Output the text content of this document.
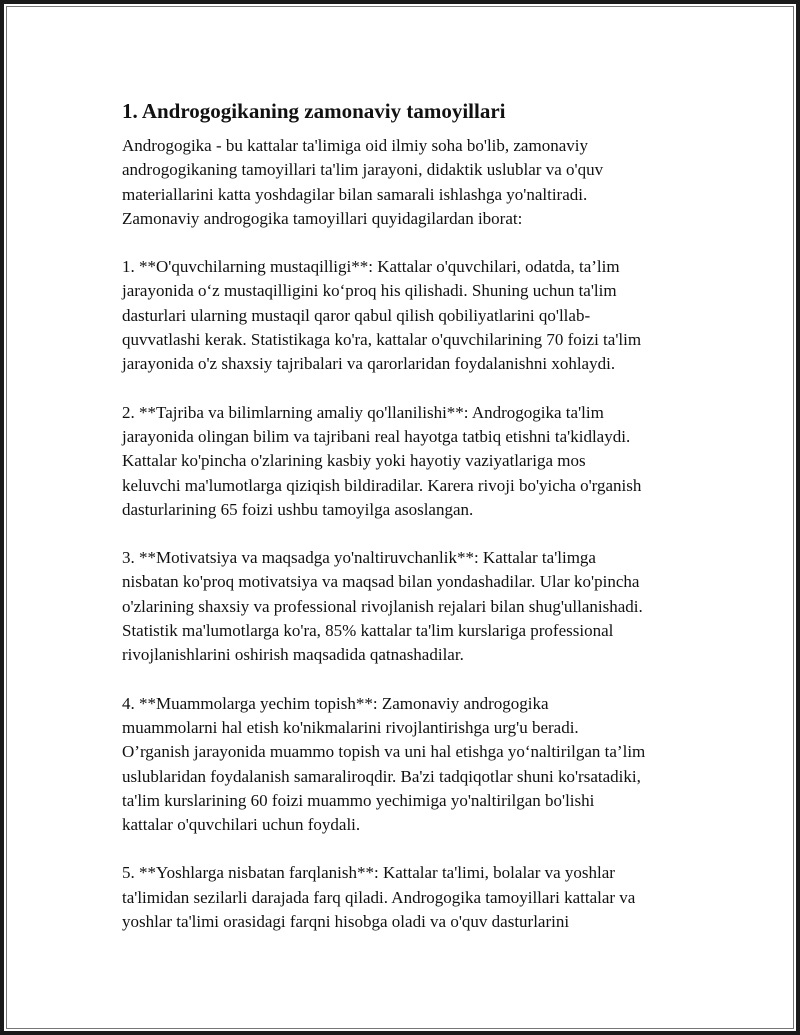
1. Androgogikaning zamonaviy tamoyillari

Androgogika - bu kattalar ta'limiga oid ilmiy soha bo'lib, zamonaviy
androgogikaning tamoyillari ta'lim jarayoni, didaktik uslublar va o'quv
materiallarini katta yoshdagilar bilan samarali ishlashga yo'naltiradi.
Zamonaviy androgogika tamoyillari quyidagilardan iborat:

1. **O'quvchilarning mustaqilligi**: Kattalar o'quvchilari, odatda, ta’lim
jarayonida o‘z mustaqilligini ko‘proq his qilishadi. Shuning uchun ta'lim
dasturlari ularning mustaqil qaror qabul qilish qobiliyatlarini qo'llab-
quvvatlashi kerak. Statistikaga ko'ra, kattalar o'quvchilarining 70 foizi ta'lim
jarayonida o'z shaxsiy tajribalari va qarorlaridan foydalanishni xohlaydi.

2. **Tajriba va bilimlarning amaliy qo'llanilishi**: Androgogika ta'lim
jarayonida olingan bilim va tajribani real hayotga tatbiq etishni ta'kidlaydi.
Kattalar ko'pincha o'zlarining kasbiy yoki hayotiy vaziyatlariga mos
keluvchi ma'lumotlarga qiziqish bildiradilar. Karera rivoji bo'yicha o'rganish
dasturlarining 65 foizi ushbu tamoyilga asoslangan.

3. **Motivatsiya va maqsadga yo'naltiruvchanlik**: Kattalar ta'limga
nisbatan ko'proq motivatsiya va maqsad bilan yondashadilar. Ular ko'pincha
o'zlarining shaxsiy va professional rivojlanish rejalari bilan shug'ullanishadi.
Statistik ma'lumotlarga ko'ra, 85% kattalar ta'lim kurslariga professional
rivojlanishlarini oshirish maqsadida qatnashadilar.

4. **Muammolarga yechim topish**: Zamonaviy androgogika
muammolarni hal etish ko'nikmalarini rivojlantirishga urg'u beradi.
O’rganish jarayonida muammo topish va uni hal etishga yo‘naltirilgan ta’lim
uslublaridan foydalanish samaraliroqdir. Ba'zi tadqiqotlar shuni ko'rsatadiki,
ta'lim kurslarining 60 foizi muammo yechimiga yo'naltirilgan bo'lishi
kattalar o'quvchilari uchun foydali.

5. **Yoshlarga nisbatan farqlanish**: Kattalar ta'limi, bolalar va yoshlar
ta'limidan sezilarli darajada farq qiladi. Androgogika tamoyillari kattalar va
yoshlar ta'limi orasidagi farqni hisobga oladi va o'quv dasturlarini
